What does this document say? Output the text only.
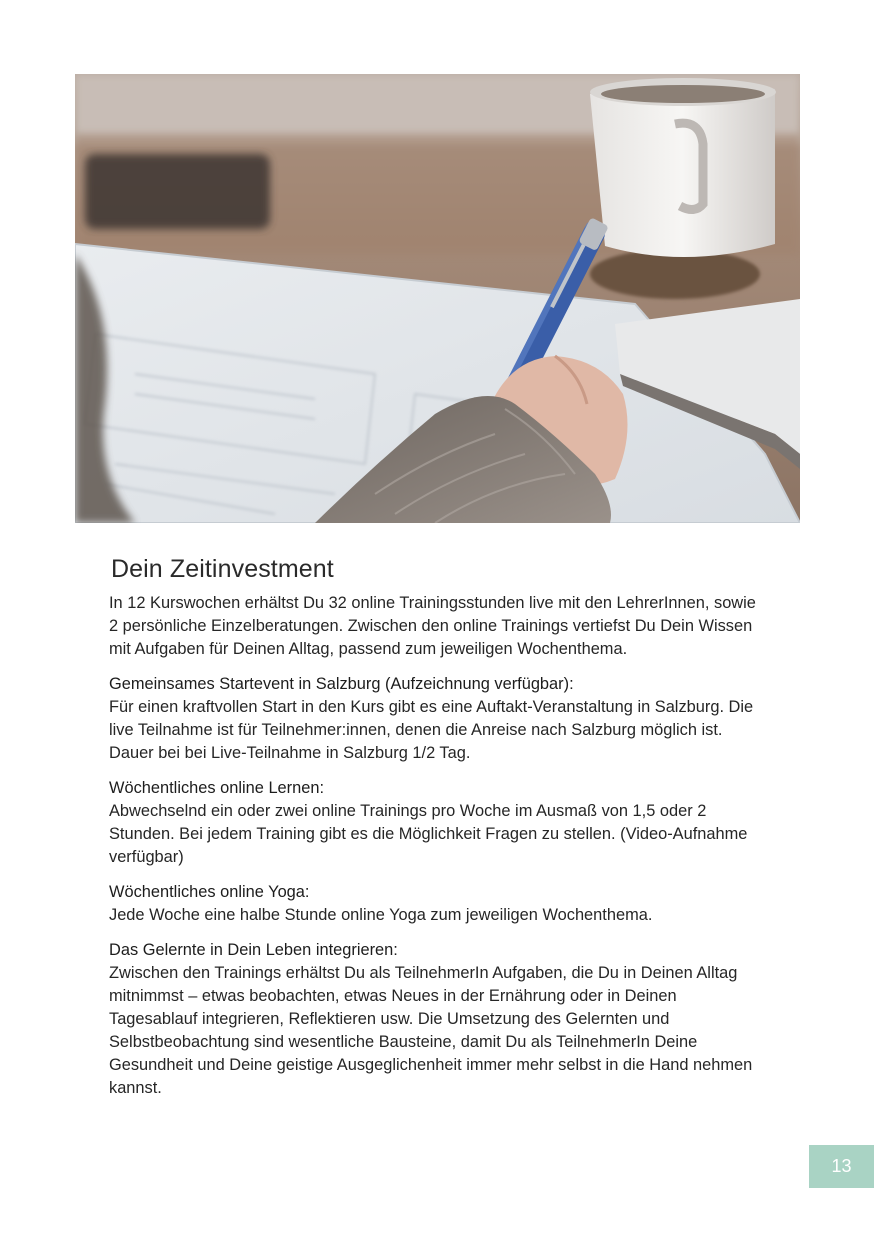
Dein Zeitinvestment

In 12 Kurswochen erhältst Du 32 online Trainingsstunden live mit den LehrerInnen, sowie 2 persönliche Einzelberatungen. Zwischen den online Trainings vertiefst Du Dein Wissen mit Aufgaben für Deinen Alltag, passend zum jeweiligen Wochenthema.

Gemeinsames Startevent in Salzburg (Aufzeichnung verfügbar):
Für einen kraftvollen Start in den Kurs gibt es eine Auftakt-Veranstaltung in Salzburg. Die live Teilnahme ist für Teilnehmer:innen, denen die Anreise nach Salzburg möglich ist. Dauer bei bei Live-Teilnahme in Salzburg 1/2 Tag.

Wöchentliches online Lernen:
Abwechselnd ein oder zwei online Trainings pro Woche im Ausmaß von 1,5 oder 2 Stunden. Bei jedem Training gibt es die Möglichkeit Fragen zu stellen. (Video-Aufnahme verfügbar)

Wöchentliches online Yoga:
Jede Woche eine halbe Stunde online Yoga zum jeweiligen Wochenthema.

Das Gelernte in Dein Leben integrieren:
Zwischen den Trainings erhältst Du als TeilnehmerIn Aufgaben, die Du in Deinen Alltag mitnimmst – etwas beobachten, etwas Neues in der Ernährung oder in Deinen Tagesablauf integrieren, Reflektieren usw. Die Umsetzung des Gelernten und Selbstbeobachtung sind wesentliche Bausteine, damit Du als TeilnehmerIn Deine Gesundheit und Deine geistige Ausgeglichenheit immer mehr selbst in die Hand nehmen kannst.

13
